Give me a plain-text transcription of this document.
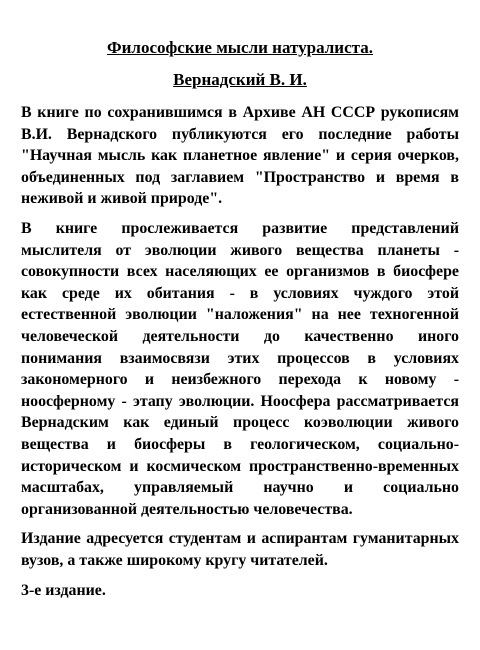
Философские мысли натуралиста.

Вернадский В. И.

В книге по сохранившимся в Архиве АН СССР рукописям В.И. Вернадского публикуются его последние работы "Научная мысль как планетное явление" и серия очерков, объединенных под заглавием "Пространство и время в неживой и живой природе".

В книге прослеживается развитие представлений мыслителя от эволюции живого вещества планеты - совокупности всех населяющих ее организмов в биосфере как среде их обитания - в условиях чуждого этой естественной эволюции "наложения" на нее техногенной человеческой деятельности до качественно иного понимания взаимосвязи этих процессов в условиях закономерного и неизбежного перехода к новому - ноосферному - этапу эволюции. Ноосфера рассматривается Вернадским как единый процесс коэволюции живого вещества и биосферы в геологическом, социально-историческом и космическом пространственно-временных масштабах, управляемый научно и социально организованной деятельностью человечества.

Издание адресуется студентам и аспирантам гуманитарных вузов, а также широкому кругу читателей.

3-е издание.
